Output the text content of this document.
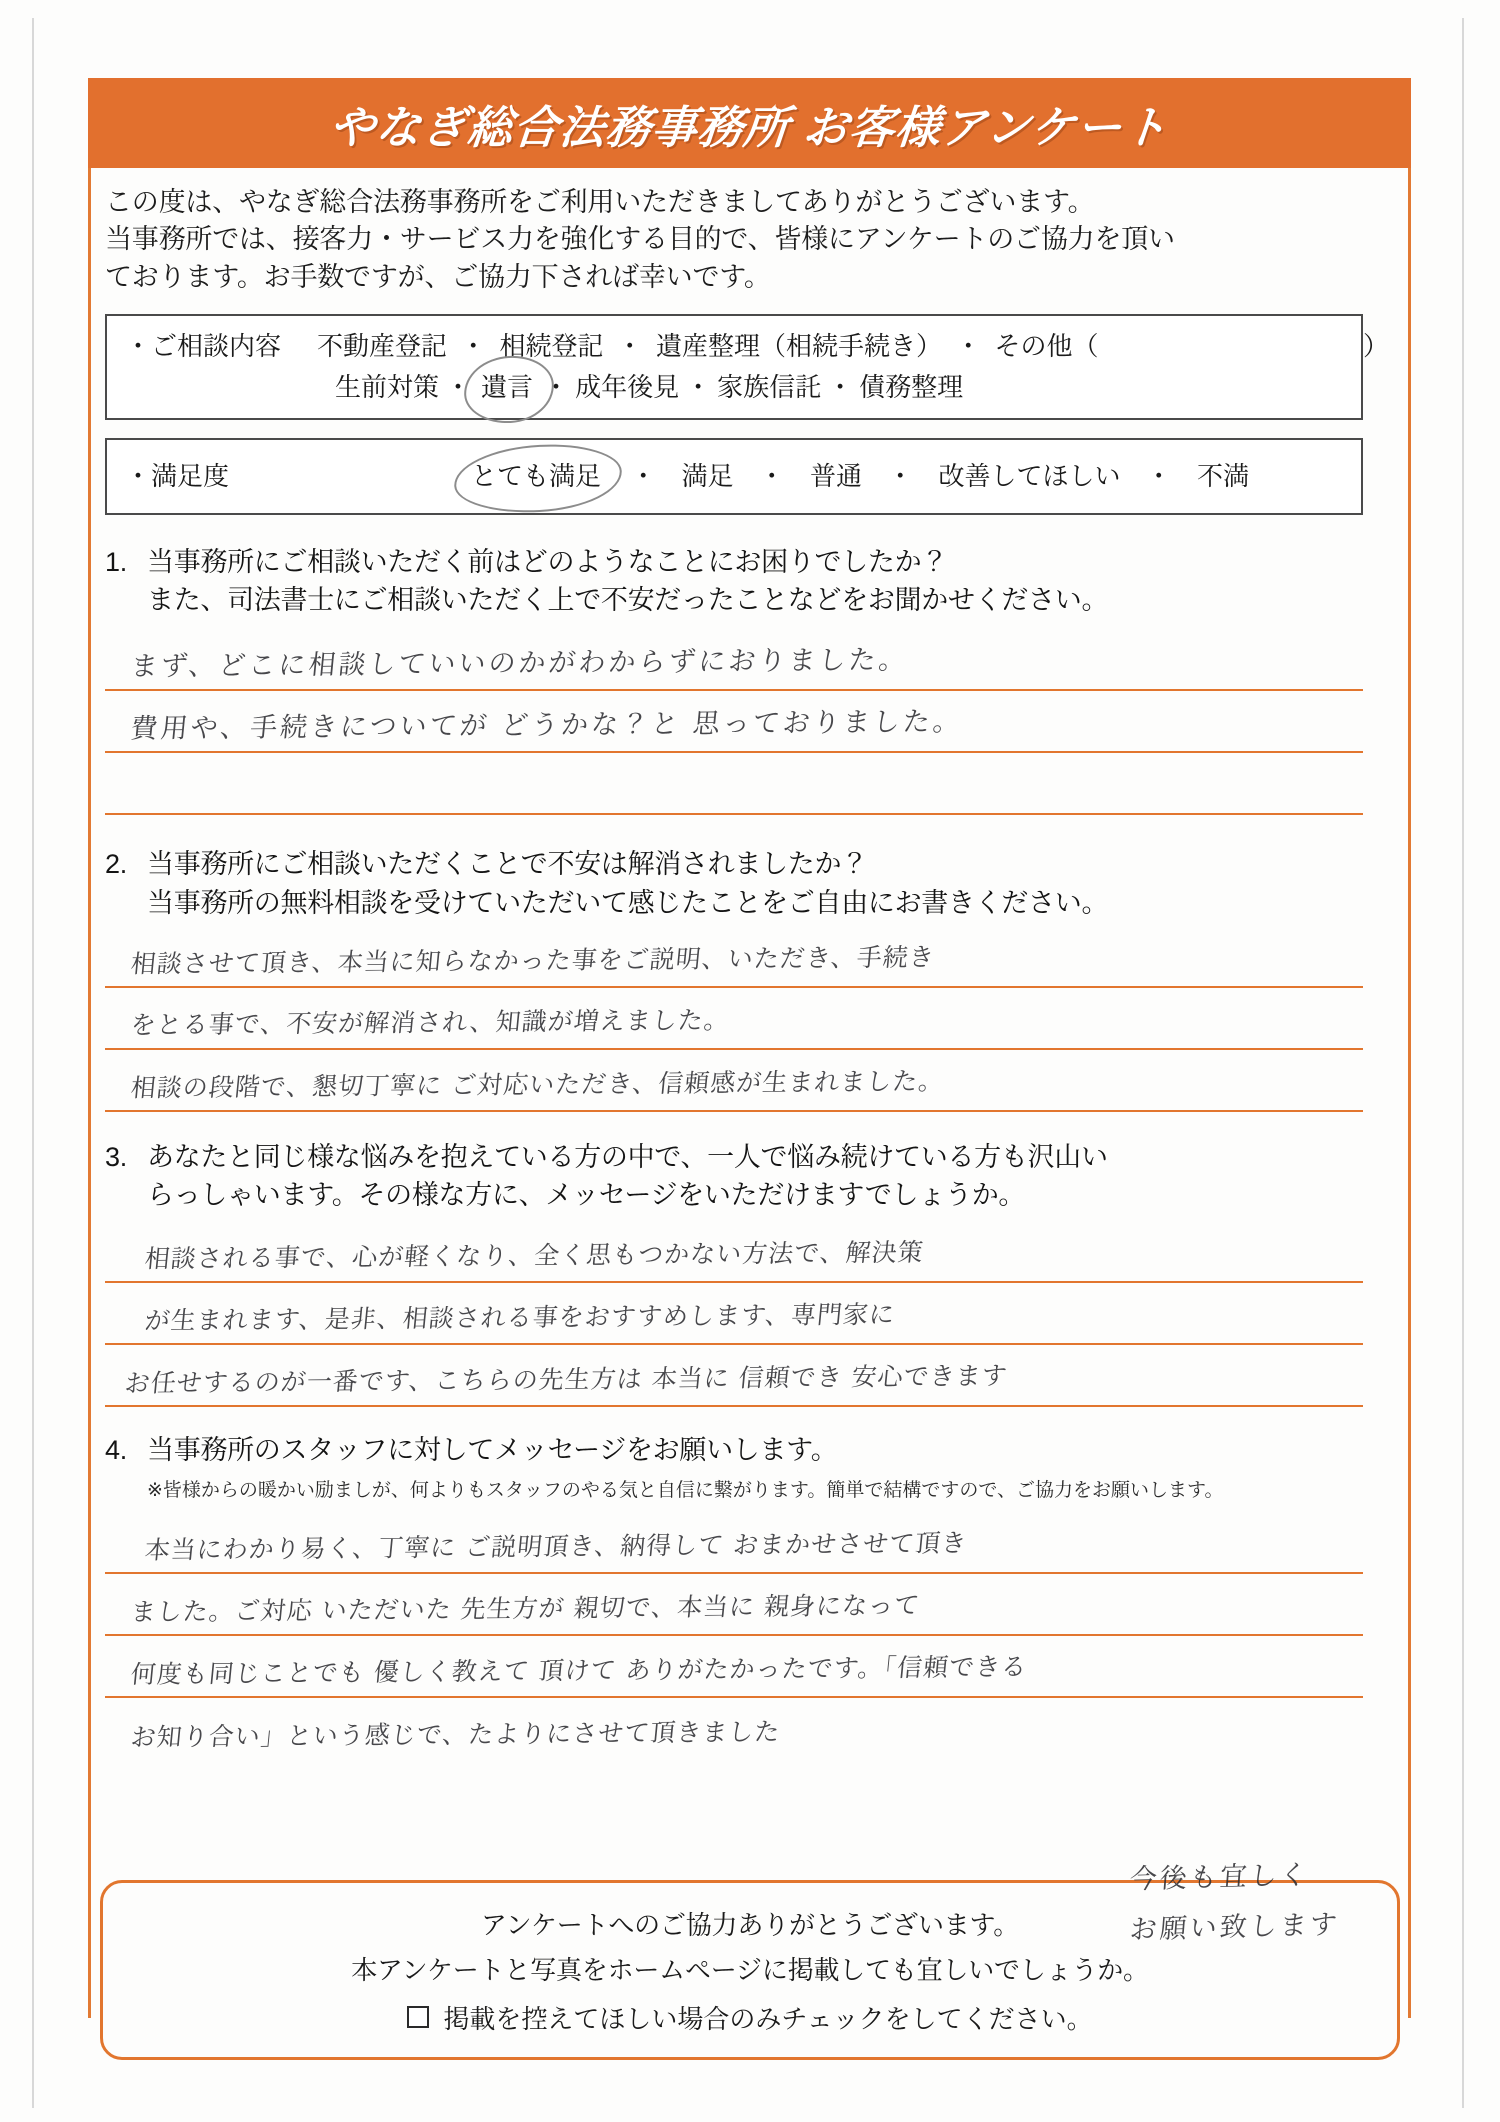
やなぎ総合法務事務所 お客様アンケート
この度は、やなぎ総合法務事務所をご利用いただきましてありがとうございます。
当事務所では、接客力・サービス力を強化する目的で、皆様にアンケートのご協力を頂い
ております。お手数ですが、ご協力下されば幸いです。
・ご相談内容	不動産登記 ・ 相続登記 ・ 遺産整理（相続手続き） ・ その他（	）
生前対策 ・ 遺言 ・ 成年後見 ・ 家族信託 ・ 債務整理
・満足度	とても満足 ・ 満足 ・ 普通 ・ 改善してほしい ・ 不満
1. 当事務所にご相談いただく前はどのようなことにお困りでしたか？
また、司法書士にご相談いただく上で不安だったことなどをお聞かせください。
まず、どこに相談していいのかがわからずにおりました。
費用や、手続きについてが どうかな？と 思っておりました。
2. 当事務所にご相談いただくことで不安は解消されましたか？
当事務所の無料相談を受けていただいて感じたことをご自由にお書きください。
相談させて頂き、本当に知らなかった事をご説明、いただき、手続き
をとる事で、不安が解消され、知識が増えました。
相談の段階で、懇切丁寧に ご対応いただき、信頼感が生まれました。
3. あなたと同じ様な悩みを抱えている方の中で、一人で悩み続けている方も沢山い
らっしゃいます。その様な方に、メッセージをいただけますでしょうか。
相談される事で、心が軽くなり、全く思もつかない方法で、解決策
が生まれます、是非、相談される事をおすすめします、専門家に
お任せするのが一番です、こちらの先生方は 本当に 信頼でき 安心できます
4. 当事務所のスタッフに対してメッセージをお願いします。
※皆様からの暖かい励ましが、何よりもスタッフのやる気と自信に繋がります。簡単で結構ですので、ご協力をお願いします。
本当にわかり易く、丁寧に ご説明頂き、納得して おまかせさせて頂き
ました。ご対応 いただいた 先生方が 親切で、本当に 親身になって
何度も同じことでも 優しく教えて 頂けて ありがたかったです。「信頼できる
お知り合い」という感じで、たよりにさせて頂きました
今後も宜しく
お願い致します
アンケートへのご協力ありがとうございます。
本アンケートと写真をホームページに掲載しても宜しいでしょうか。
掲載を控えてほしい場合のみチェックをしてください。
